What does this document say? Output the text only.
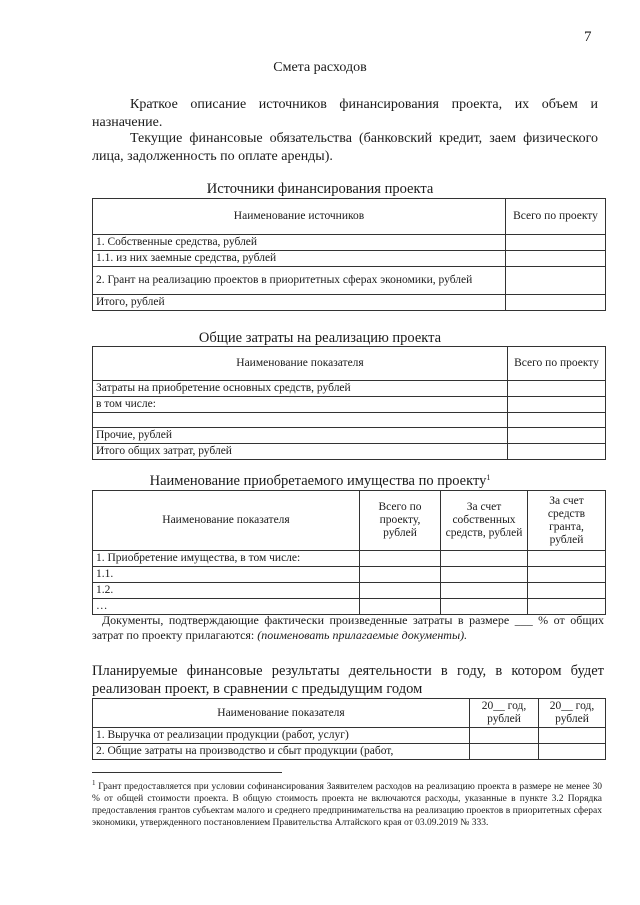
7
Смета расходов

Краткое описание источников финансирования проекта, их объем и назначение.

Текущие финансовые обязательства (банковский кредит, заем физического лица, задолженность по оплате аренды).

Источники финансирования проекта
Наименование источников	Всего по проекту
1. Собственные средства, рублей	
1.1. из них заемные средства, рублей	
2. Грант на реализацию проектов в приоритетных сферах экономики, рублей	
Итого, рублей	
Общие затраты на реализацию проекта
Наименование показателя	Всего по проекту
Затраты на приобретение основных средств, рублей	
в том числе:	

Прочие, рублей	
Итого общих затрат, рублей	
Наименование приобретаемого имущества по проекту$^1$
Наименование показателя	Всего по проекту, рублей	За счет собственных средств, рублей	За счет средств гранта, рублей
1. Приобретение имущества, в том числе:			
1.1.			
1.2.			
…			

Документы, подтверждающие фактически произведенные затраты в размере ___ % от общих затрат по проекту прилагаются: (поименовать прилагаемые документы).

Планируемые финансовые результаты деятельности в году, в котором будет реализован проект, в сравнении с предыдущим годом

Наименование показателя	20__ год, рублей	20__ год, рублей
1. Выручка от реализации продукции (работ, услуг)		
2. Общие затраты на производство и сбыт продукции (работ,		

$^1$ Грант предоставляется при условии софинансирования Заявителем расходов на реализацию проекта в размере не менее 30 % от общей стоимости проекта. В общую стоимость проекта не включаются расходы, указанные в пункте 3.2 Порядка предоставления грантов субъектам малого и среднего предпринимательства на реализацию проектов в приоритетных сферах экономики, утвержденного постановлением Правительства Алтайского края от 03.09.2019 № 333.
